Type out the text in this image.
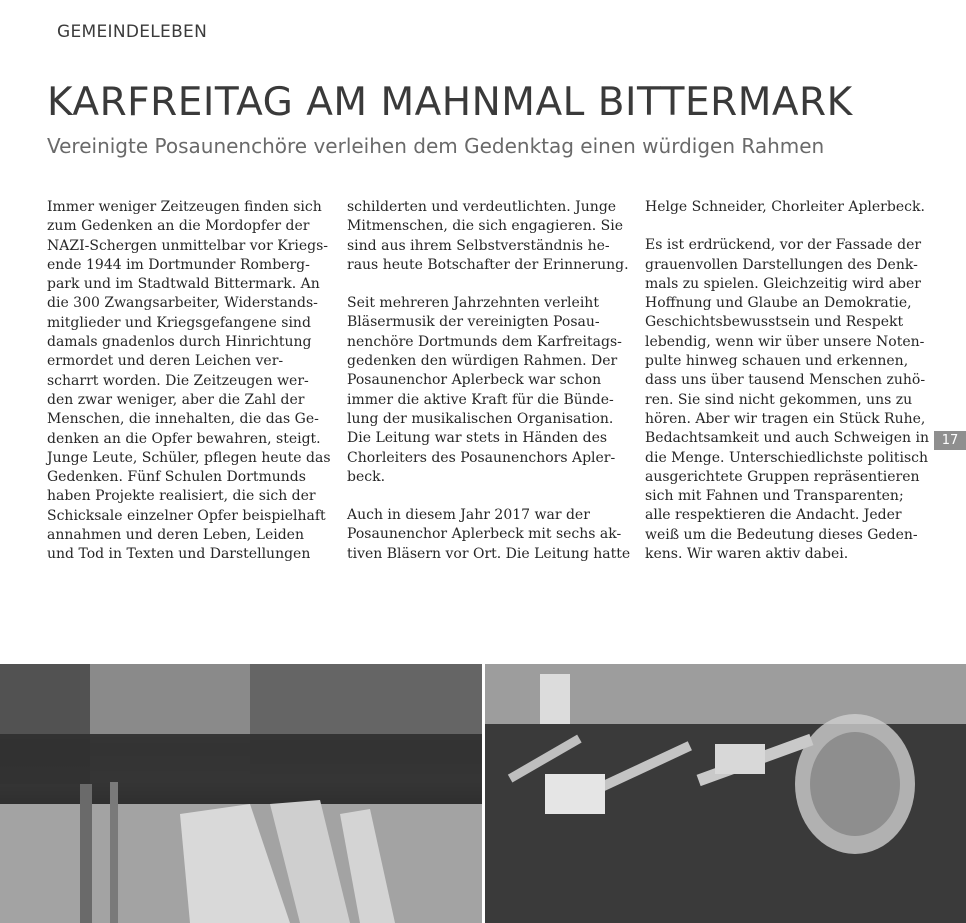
GEMEINDELEBEN
KARFREITAG AM MAHNMAL BITTERMARK
Vereinigte Posaunenchöre verleihen dem Gedenktag einen würdigen Rahmen

Immer weniger Zeitzeugen finden sich
zum Gedenken an die Mordopfer der
NAZI-Schergen unmittelbar vor Kriegs-
ende 1944 im Dortmunder Romberg-
park und im Stadtwald Bittermark. An
die 300 Zwangsarbeiter, Widerstands-
mitglieder und Kriegsgefangene sind
damals gnadenlos durch Hinrichtung
ermordet und deren Leichen ver-
scharrt worden. Die Zeitzeugen wer-
den zwar weniger, aber die Zahl der
Menschen, die innehalten, die das Ge-
denken an die Opfer bewahren, steigt.
Junge Leute, Schüler, pflegen heute das
Gedenken. Fünf Schulen Dortmunds
haben Projekte realisiert, die sich der
Schicksale einzelner Opfer beispielhaft
annahmen und deren Leben, Leiden
und Tod in Texten und Darstellungen

schilderten und verdeutlichten. Junge
Mitmenschen, die sich engagieren. Sie
sind aus ihrem Selbstverständnis he-
raus heute Botschafter der Erinnerung.

Seit mehreren Jahrzehnten verleiht
Bläsermusik der vereinigten Posau-
nenchöre Dortmunds dem Karfreitags-
gedenken den würdigen Rahmen. Der
Posaunenchor Aplerbeck war schon
immer die aktive Kraft für die Bünde-
lung der musikalischen Organisation.
Die Leitung war stets in Händen des
Chorleiters des Posaunenchors Apler-
beck.

Auch in diesem Jahr 2017 war der
Posaunenchor Aplerbeck mit sechs ak-
tiven Bläsern vor Ort. Die Leitung hatte

Helge Schneider, Chorleiter Aplerbeck.

Es ist erdrückend, vor der Fassade der
grauenvollen Darstellungen des Denk-
mals zu spielen. Gleichzeitig wird aber
Hoffnung und Glaube an Demokratie,
Geschichtsbewusstsein und Respekt
lebendig, wenn wir über unsere Noten-
pulte hinweg schauen und erkennen,
dass uns über tausend Menschen zuhö-
ren. Sie sind nicht gekommen, uns zu
hören. Aber wir tragen ein Stück Ruhe,
Bedachtsamkeit und auch Schweigen in
die Menge. Unterschiedlichste politisch
ausgerichtete Gruppen repräsentieren
sich mit Fahnen und Transparenten;
alle respektieren die Andacht. Jeder
weiß um die Bedeutung dieses Geden-
kens. Wir waren aktiv dabei.

17
